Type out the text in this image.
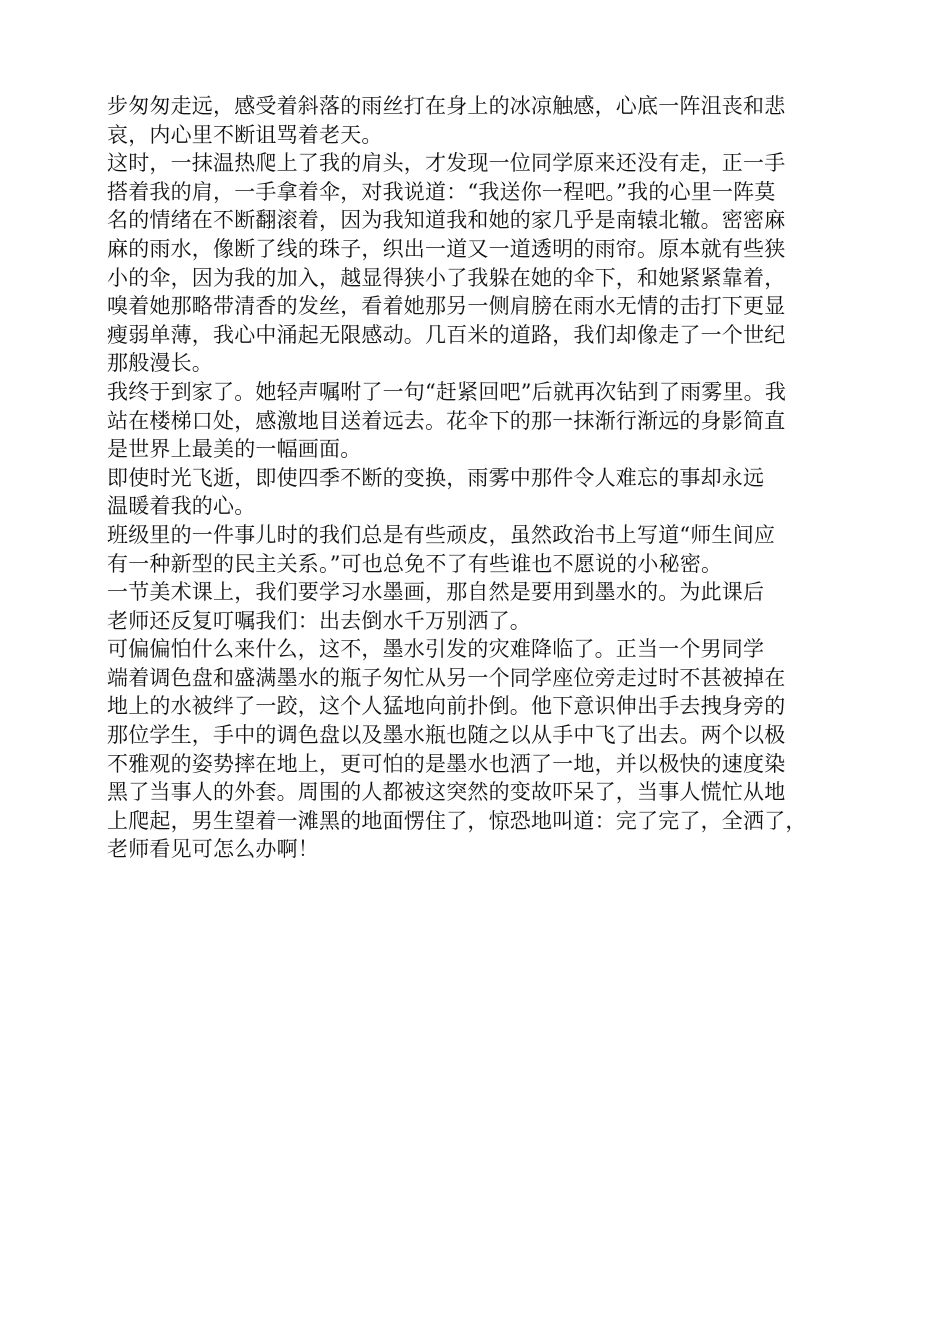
步匆匆走远，感受着斜落的雨丝打在身上的冰凉触感，心底一阵沮丧和悲
哀，内心里不断诅骂着老天。
这时，一抹温热爬上了我的肩头，才发现一位同学原来还没有走，正一手
搭着我的肩，一手拿着伞，对我说道：“我送你一程吧。”我的心里一阵莫
名的情绪在不断翻滚着，因为我知道我和她的家几乎是南辕北辙。密密麻
麻的雨水，像断了线的珠子，织出一道又一道透明的雨帘。原本就有些狭
小的伞，因为我的加入，越显得狭小了我躲在她的伞下，和她紧紧靠着，
嗅着她那略带清香的发丝，看着她那另一侧肩膀在雨水无情的击打下更显
瘦弱单薄，我心中涌起无限感动。几百米的道路，我们却像走了一个世纪
那般漫长。
我终于到家了。她轻声嘱咐了一句“赶紧回吧”后就再次钻到了雨雾里。我
站在楼梯口处，感激地目送着远去。花伞下的那一抹渐行渐远的身影简直
是世界上最美的一幅画面。
即使时光飞逝，即使四季不断的变换，雨雾中那件令人难忘的事却永远
温暖着我的心。
班级里的一件事儿时的我们总是有些顽皮，虽然政治书上写道“师生间应
有一种新型的民主关系。”可也总免不了有些谁也不愿说的小秘密。
一节美术课上，我们要学习水墨画，那自然是要用到墨水的。为此课后
老师还反复叮嘱我们：出去倒水千万别洒了。
可偏偏怕什么来什么，这不，墨水引发的灾难降临了。正当一个男同学
端着调色盘和盛满墨水的瓶子匆忙从另一个同学座位旁走过时不甚被掉在
地上的水被绊了一跤，这个人猛地向前扑倒。他下意识伸出手去拽身旁的
那位学生，手中的调色盘以及墨水瓶也随之以从手中飞了出去。两个以极
不雅观的姿势摔在地上，更可怕的是墨水也洒了一地，并以极快的速度染
黑了当事人的外套。周围的人都被这突然的变故吓呆了，当事人慌忙从地
上爬起，男生望着一滩黑的地面愣住了，惊恐地叫道：完了完了，全洒了，
老师看见可怎么办啊！
